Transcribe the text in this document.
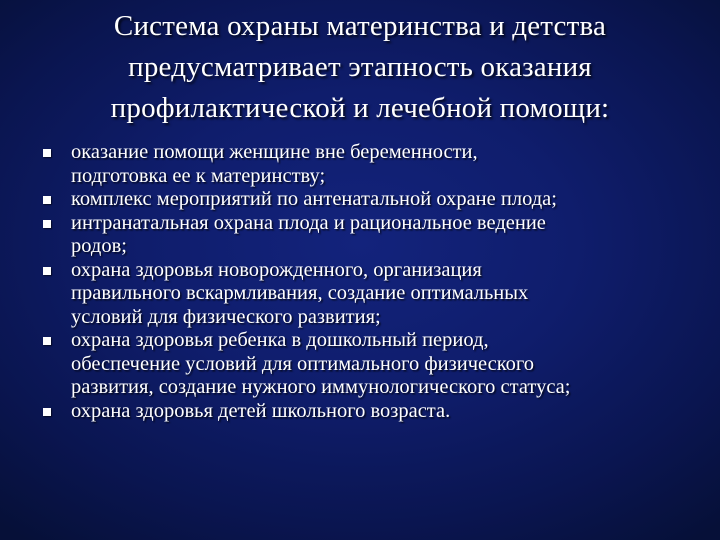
Система охраны материнства и детства
предусматривает этапность оказания
профилактической и лечебной помощи:
оказание помощи женщине вне беременности,
подготовка ее к материнству;
комплекс мероприятий по антенатальной охране плода;
интранатальная охрана плода и рациональное ведение
родов;
охрана здоровья новорожденного, организация
правильного вскармливания, создание оптимальных
условий для физического развития;
охрана здоровья ребенка в дошкольный период,
обеспечение условий для оптимального физического
развития, создание нужного иммунологического статуса;
охрана здоровья детей школьного возраста.
